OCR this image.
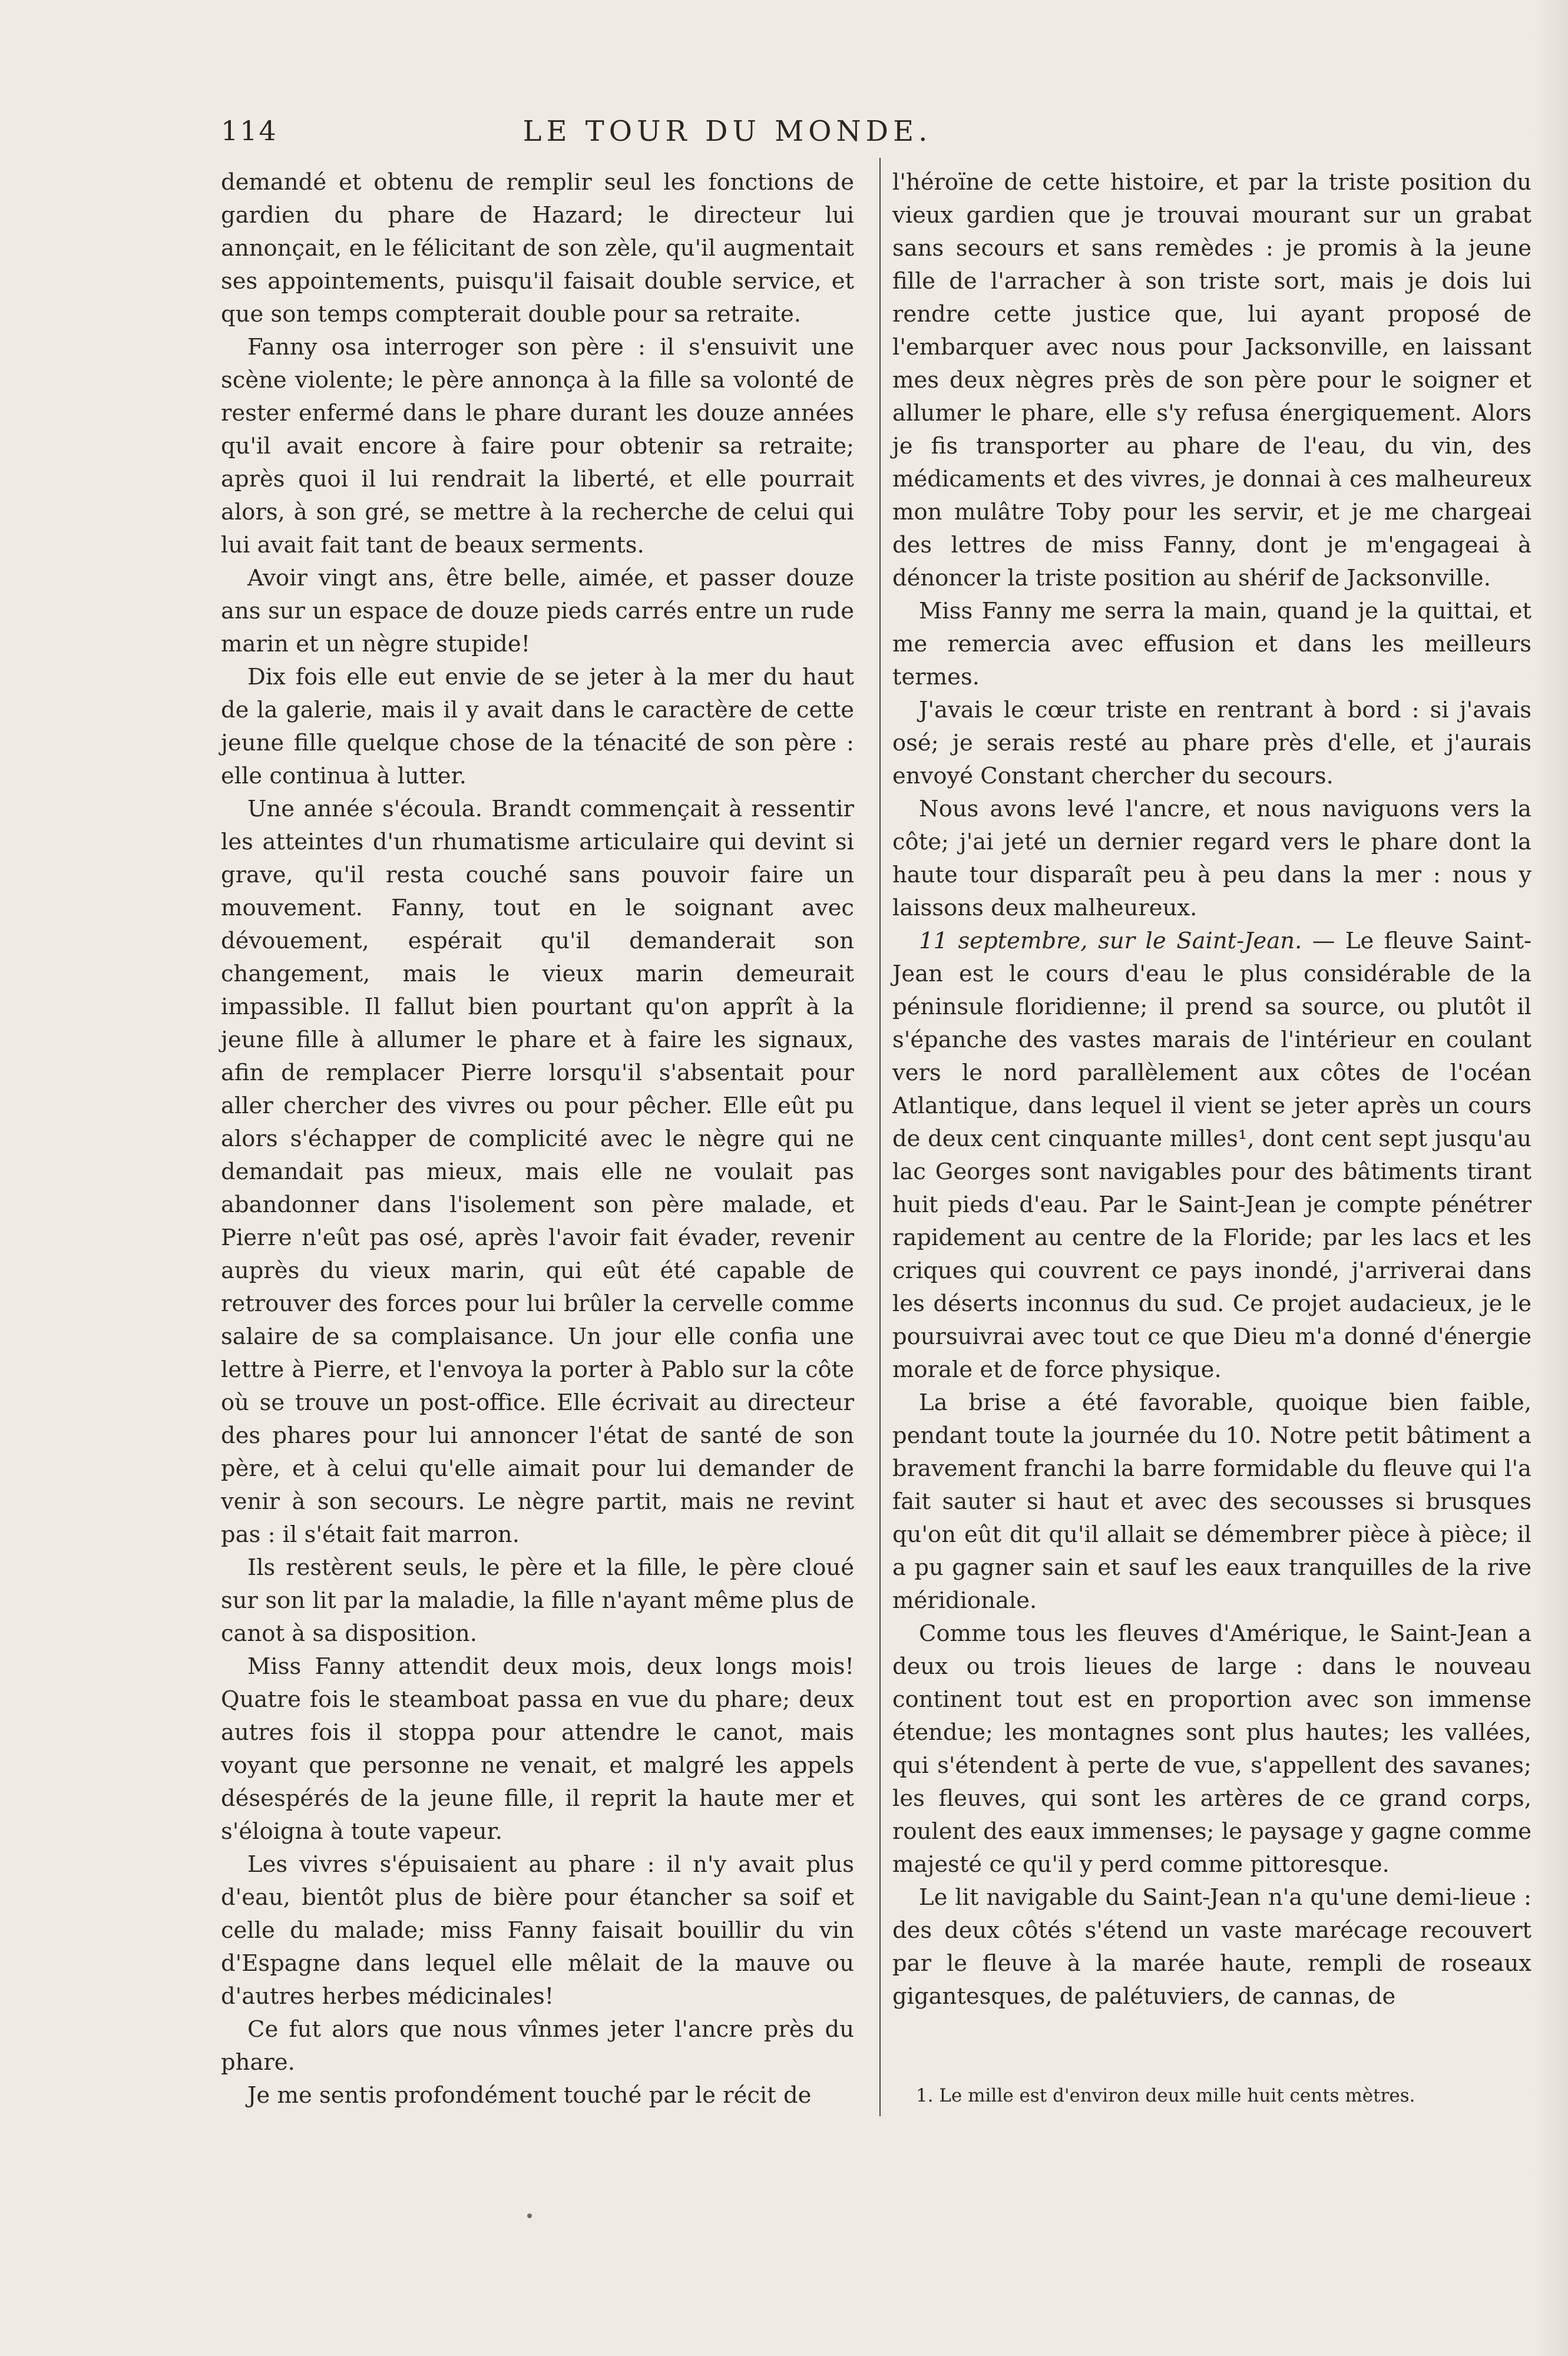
114	LE TOUR DU MONDE.

demandé et obtenu de remplir seul les fonctions de gardien du phare de Hazard; le directeur lui annonçait, en le félicitant de son zèle, qu'il augmentait ses appointements, puisqu'il faisait double service, et que son temps compterait double pour sa retraite.

Fanny osa interroger son père : il s'ensuivit une scène violente; le père annonça à la fille sa volonté de rester enfermé dans le phare durant les douze années qu'il avait encore à faire pour obtenir sa retraite; après quoi il lui rendrait la liberté, et elle pourrait alors, à son gré, se mettre à la recherche de celui qui lui avait fait tant de beaux serments.

Avoir vingt ans, être belle, aimée, et passer douze ans sur un espace de douze pieds carrés entre un rude marin et un nègre stupide!

Dix fois elle eut envie de se jeter à la mer du haut de la galerie, mais il y avait dans le caractère de cette jeune fille quelque chose de la ténacité de son père : elle continua à lutter.

Une année s'écoula. Brandt commençait à ressentir les atteintes d'un rhumatisme articulaire qui devint si grave, qu'il resta couché sans pouvoir faire un mouvement. Fanny, tout en le soignant avec dévouement, espérait qu'il demanderait son changement, mais le vieux marin demeurait impassible. Il fallut bien pourtant qu'on apprît à la jeune fille à allumer le phare et à faire les signaux, afin de remplacer Pierre lorsqu'il s'absentait pour aller chercher des vivres ou pour pêcher. Elle eût pu alors s'échapper de complicité avec le nègre qui ne demandait pas mieux, mais elle ne voulait pas abandonner dans l'isolement son père malade, et Pierre n'eût pas osé, après l'avoir fait évader, revenir auprès du vieux marin, qui eût été capable de retrouver des forces pour lui brûler la cervelle comme salaire de sa complaisance. Un jour elle confia une lettre à Pierre, et l'envoya la porter à Pablo sur la côte où se trouve un post-office. Elle écrivait au directeur des phares pour lui annoncer l'état de santé de son père, et à celui qu'elle aimait pour lui demander de venir à son secours. Le nègre partit, mais ne revint pas : il s'était fait marron.

Ils restèrent seuls, le père et la fille, le père cloué sur son lit par la maladie, la fille n'ayant même plus de canot à sa disposition.

Miss Fanny attendit deux mois, deux longs mois! Quatre fois le steamboat passa en vue du phare; deux autres fois il stoppa pour attendre le canot, mais voyant que personne ne venait, et malgré les appels désespérés de la jeune fille, il reprit la haute mer et s'éloigna à toute vapeur.

Les vivres s'épuisaient au phare : il n'y avait plus d'eau, bientôt plus de bière pour étancher sa soif et celle du malade; miss Fanny faisait bouillir du vin d'Espagne dans lequel elle mêlait de la mauve ou d'autres herbes médicinales!

Ce fut alors que nous vînmes jeter l'ancre près du phare.

Je me sentis profondément touché par le récit de

l'héroïne de cette histoire, et par la triste position du vieux gardien que je trouvai mourant sur un grabat sans secours et sans remèdes : je promis à la jeune fille de l'arracher à son triste sort, mais je dois lui rendre cette justice que, lui ayant proposé de l'embarquer avec nous pour Jacksonville, en laissant mes deux nègres près de son père pour le soigner et allumer le phare, elle s'y refusa énergiquement. Alors je fis transporter au phare de l'eau, du vin, des médicaments et des vivres, je donnai à ces malheureux mon mulâtre Toby pour les servir, et je me chargeai des lettres de miss Fanny, dont je m'engageai à dénoncer la triste position au shérif de Jacksonville.

Miss Fanny me serra la main, quand je la quittai, et me remercia avec effusion et dans les meilleurs termes.

J'avais le cœur triste en rentrant à bord : si j'avais osé; je serais resté au phare près d'elle, et j'aurais envoyé Constant chercher du secours.

Nous avons levé l'ancre, et nous naviguons vers la côte; j'ai jeté un dernier regard vers le phare dont la haute tour disparaît peu à peu dans la mer : nous y laissons deux malheureux.

11 septembre, sur le Saint-Jean. — Le fleuve Saint-Jean est le cours d'eau le plus considérable de la péninsule floridienne; il prend sa source, ou plutôt il s'épanche des vastes marais de l'intérieur en coulant vers le nord parallèlement aux côtes de l'océan Atlantique, dans lequel il vient se jeter après un cours de deux cent cinquante milles¹, dont cent sept jusqu'au lac Georges sont navigables pour des bâtiments tirant huit pieds d'eau. Par le Saint-Jean je compte pénétrer rapidement au centre de la Floride; par les lacs et les criques qui couvrent ce pays inondé, j'arriverai dans les déserts inconnus du sud. Ce projet audacieux, je le poursuivrai avec tout ce que Dieu m'a donné d'énergie morale et de force physique.

La brise a été favorable, quoique bien faible, pendant toute la journée du 10. Notre petit bâtiment a bravement franchi la barre formidable du fleuve qui l'a fait sauter si haut et avec des secousses si brusques qu'on eût dit qu'il allait se démembrer pièce à pièce; il a pu gagner sain et sauf les eaux tranquilles de la rive méridionale.

Comme tous les fleuves d'Amérique, le Saint-Jean a deux ou trois lieues de large : dans le nouveau continent tout est en proportion avec son immense étendue; les montagnes sont plus hautes; les vallées, qui s'étendent à perte de vue, s'appellent des savanes; les fleuves, qui sont les artères de ce grand corps, roulent des eaux immenses; le paysage y gagne comme majesté ce qu'il y perd comme pittoresque.

Le lit navigable du Saint-Jean n'a qu'une demi-lieue : des deux côtés s'étend un vaste marécage recouvert par le fleuve à la marée haute, rempli de roseaux gigantesques, de palétuviers, de cannas, de

1. Le mille est d'environ deux mille huit cents mètres.
